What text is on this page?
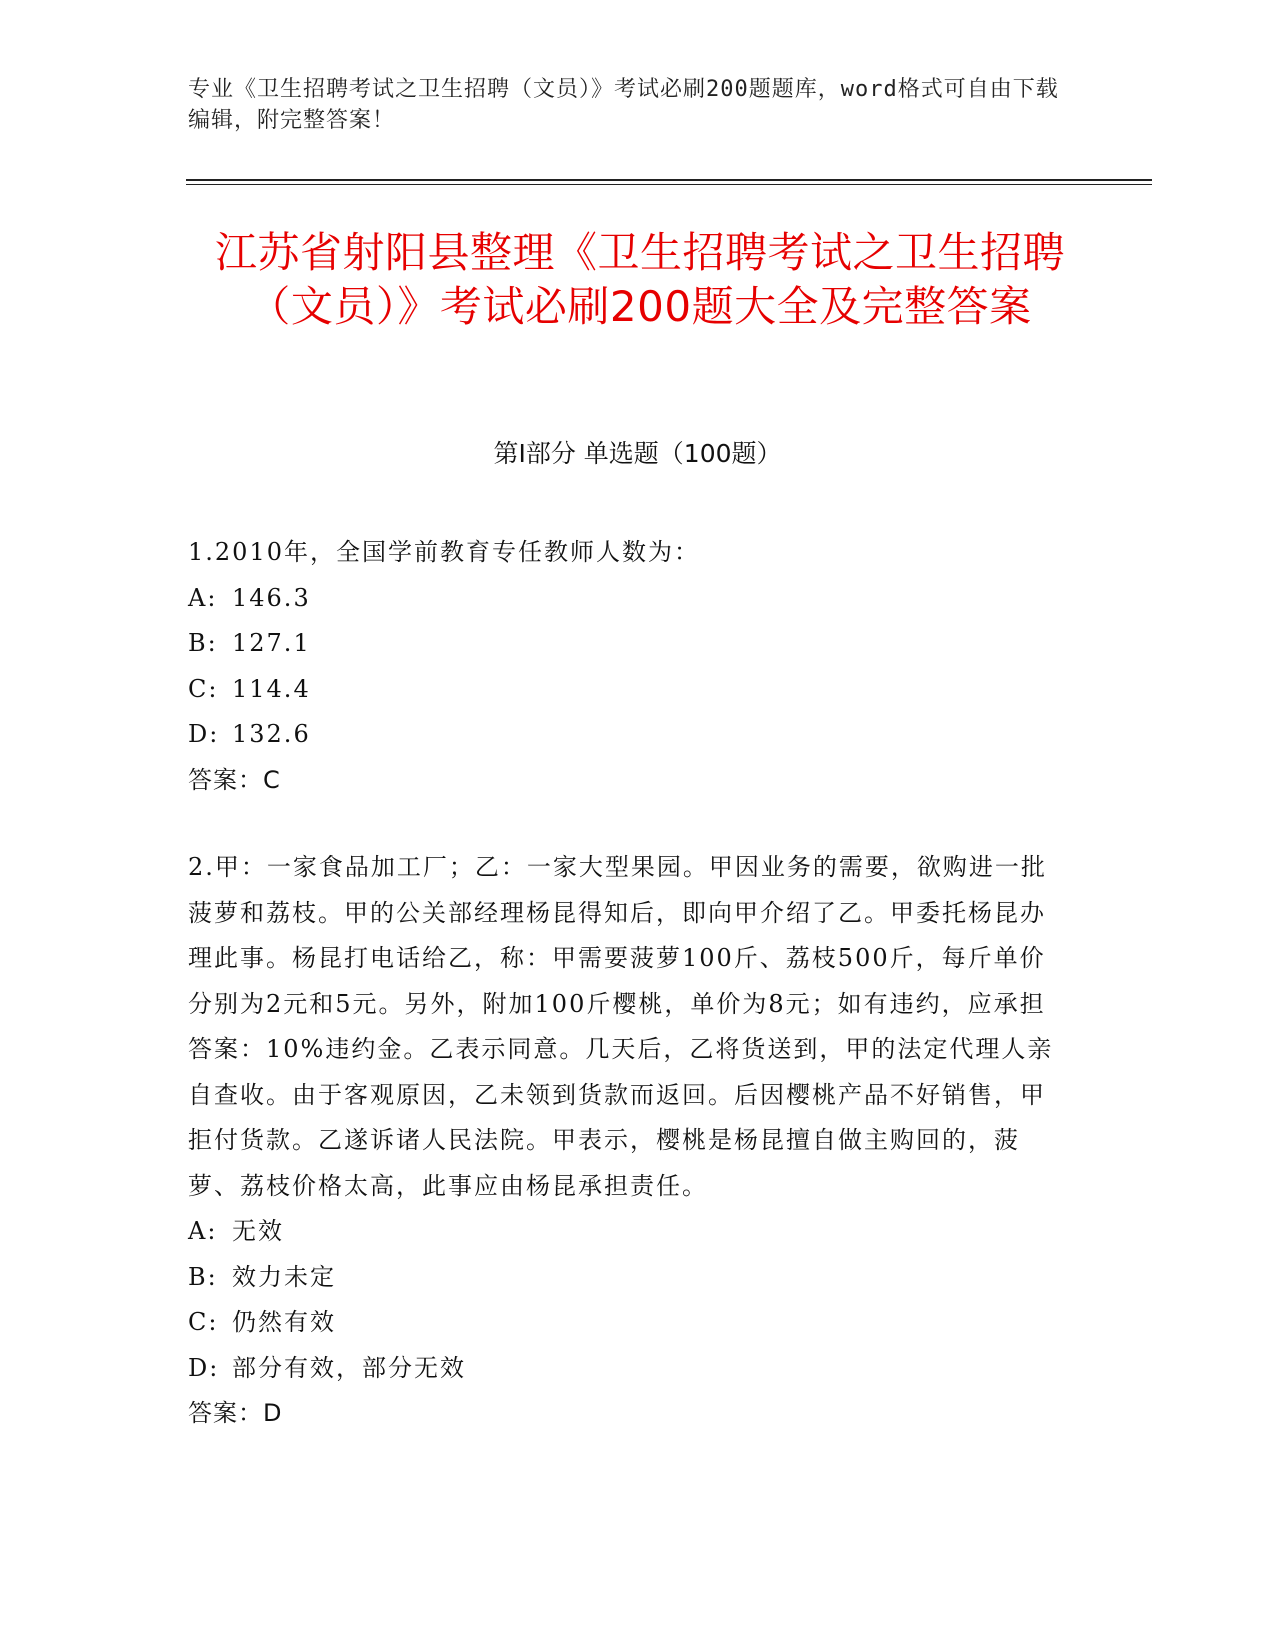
专业《卫生招聘考试之卫生招聘（文员）》考试必刷200题题库，word格式可自由下载编辑，附完整答案！

江苏省射阳县整理《卫生招聘考试之卫生招聘（文员）》考试必刷200题大全及完整答案
第I部分 单选题（100题）

1.2010年，全国学前教育专任教师人数为：

A: 146.3

B: 127.1

C: 114.4

D: 132.6

答案：C

2.甲：一家食品加工厂；乙：一家大型果园。甲因业务的需要，欲购进一批菠萝和荔枝。甲的公关部经理杨昆得知后，即向甲介绍了乙。甲委托杨昆办理此事。杨昆打电话给乙，称：甲需要菠萝100斤、荔枝500斤，每斤单价分别为2元和5元。另外，附加100斤樱桃，单价为8元；如有违约，应承担答案：10%违约金。乙表示同意。几天后，乙将货送到，甲的法定代理人亲自查收。由于客观原因，乙未领到货款而返回。后因樱桃产品不好销售，甲拒付货款。乙遂诉诸人民法院。甲表示，樱桃是杨昆擅自做主购回的，菠萝、荔枝价格太高，此事应由杨昆承担责任。

A: 无效

B: 效力未定

C: 仍然有效

D: 部分有效，部分无效

答案：D
